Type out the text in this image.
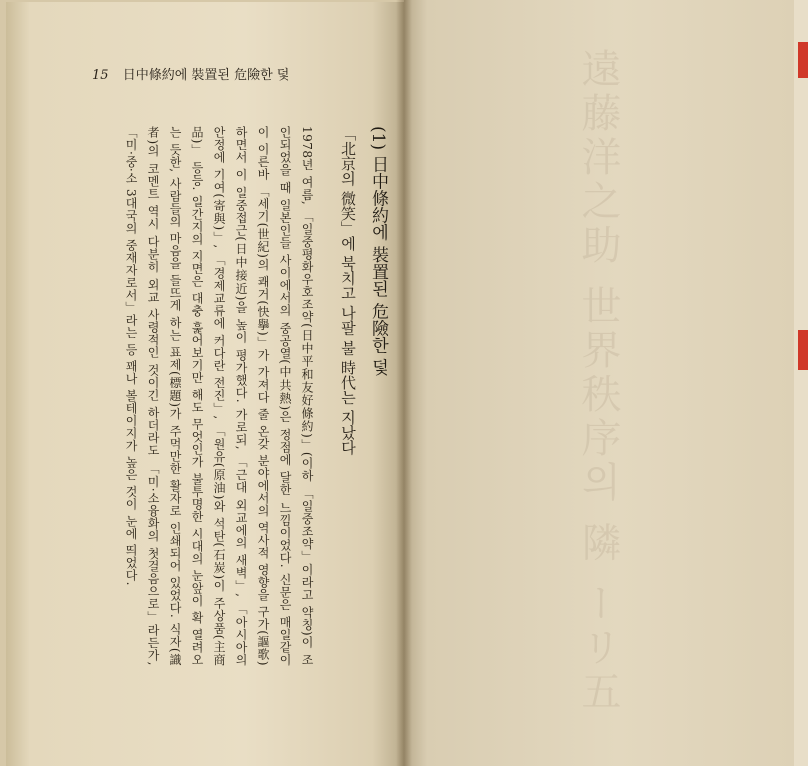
15 日中條約에 裝置된 危險한 덫
(1) 日中條約에 裝置된 危險한 덫
「北京의 微笑」에 북치고 나팔 불 時代는 지났다
1978년 여름, 「일중평화우호조약(日中平和友好條約)」(이하 「일중조약」이라고 약칭)이 조인되었을 때 일본인들 사이에서의 중공열(中共熱)은 정점에 달한 느낌이었다. 신문은 매일같이 이 이른바 「세기(世紀)의 쾌거(快擧)」가 가져다 줄 온갖 분야에서의 역사적 영향을 구가(謳歌)하면서 이 일중접근(日中接近)을 높이 평가했다. 가로되, 「근대 외교에의 새벽」, 「아시아의 안정에 기여(寄與)」, 「경제교류에 커다란 전진」, 「원유(原油)와 석탄(石炭)이 주상품(主商品)」 등등. 일간지의 지면은 대충 훑어보기만 해도 무엇인가 불투명한 시대의 눈앞이 확 열려오는 듯한, 사람들의 마음을 들뜨게 하는 표제(標題)가 주먹만한 활자로 인쇄되어 있었다. 식자(識者)의 코멘트 역시 다분히 외교 사령적인 것이긴 하더라도 「미·소융화의 첫걸음으로」라든가, 「미·중·소 3대국의 중재자로서」라는 등 꽤나 볼테이지가 높은 것이 눈에 띄었다.	遠藤洋之助 世界秩序의 隣 ーリ五
